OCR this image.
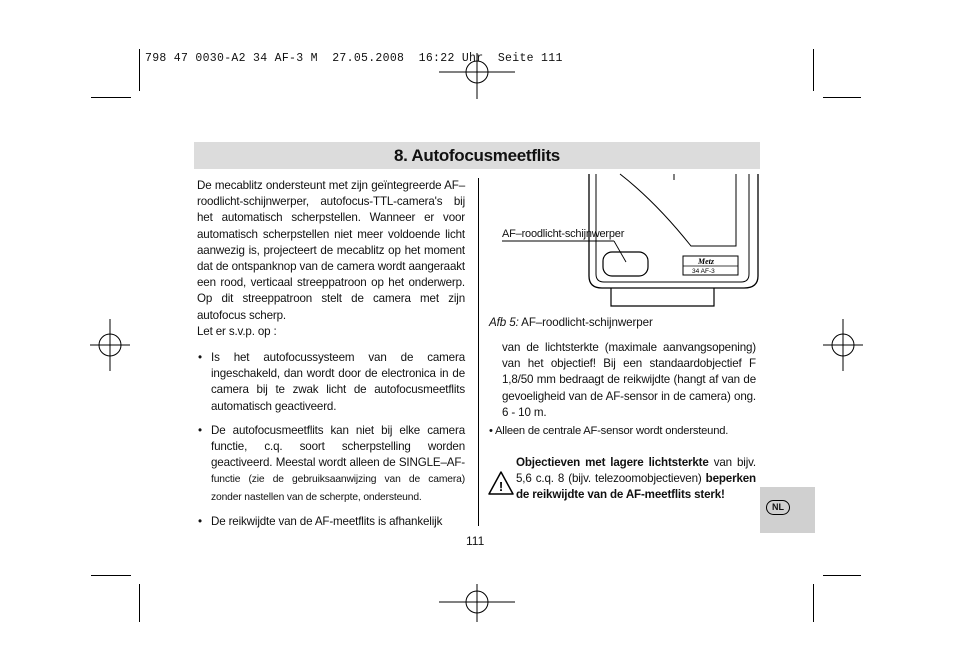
798 47 0030-A2 34 AF-3 M  27.05.2008  16:22 Uhr  Seite 111
8. Autofocusmeetflits

De mecablitz ondersteunt met zijn geïntegreerde AF–roodlicht-schijnwerper, autofocus-TTL-camera's bij het automatisch scherpstellen. Wanneer er voor automatisch scherpstellen niet meer voldoende licht aanwezig is, projecteert de mecablitz op het moment dat de ontspanknop van de camera wordt aangeraakt een rood, verticaal streeppatroon op het onderwerp. Op dit streeppatroon stelt de camera met zijn autofocus scherp.

Let er s.v.p. op :

• Is het autofocussysteem van de camera ingeschakeld, dan wordt door de electronica in de camera bij te zwak licht de autofocusmeetflits automatisch geactiveerd.
• De autofocusmeetflits kan niet bij elke camera functie, c.q. soort scherpstelling worden geactiveerd. Meestal wordt alleen de SINGLE–AF-functie (zie de gebruiksaanwijzing van de camera) zonder nastellen van de scherpte, ondersteund.
• De reikwijdte van de AF-meetflits is afhankelijk
Metz
34 AF-3
AF–roodlicht-schijnwerper
Afb 5: AF–roodlicht-schijnwerper

van de lichtsterkte (maximale aanvangsopening) van het objectief! Bij een standaardobjectief F 1,8/50 mm bedraagt de reikwijdte (hangt af van de gevoeligheid van de AF-sensor in de camera) ong. 6 - 10 m.

• Alleen de centrale AF-sensor wordt ondersteund.
!
Objectieven met lagere lichtsterkte van bijv. 5,6 c.q. 8 (bijv. telezoomobjectieven) beperken de reikwijdte van de AF-meetflits sterk!
NL
111
